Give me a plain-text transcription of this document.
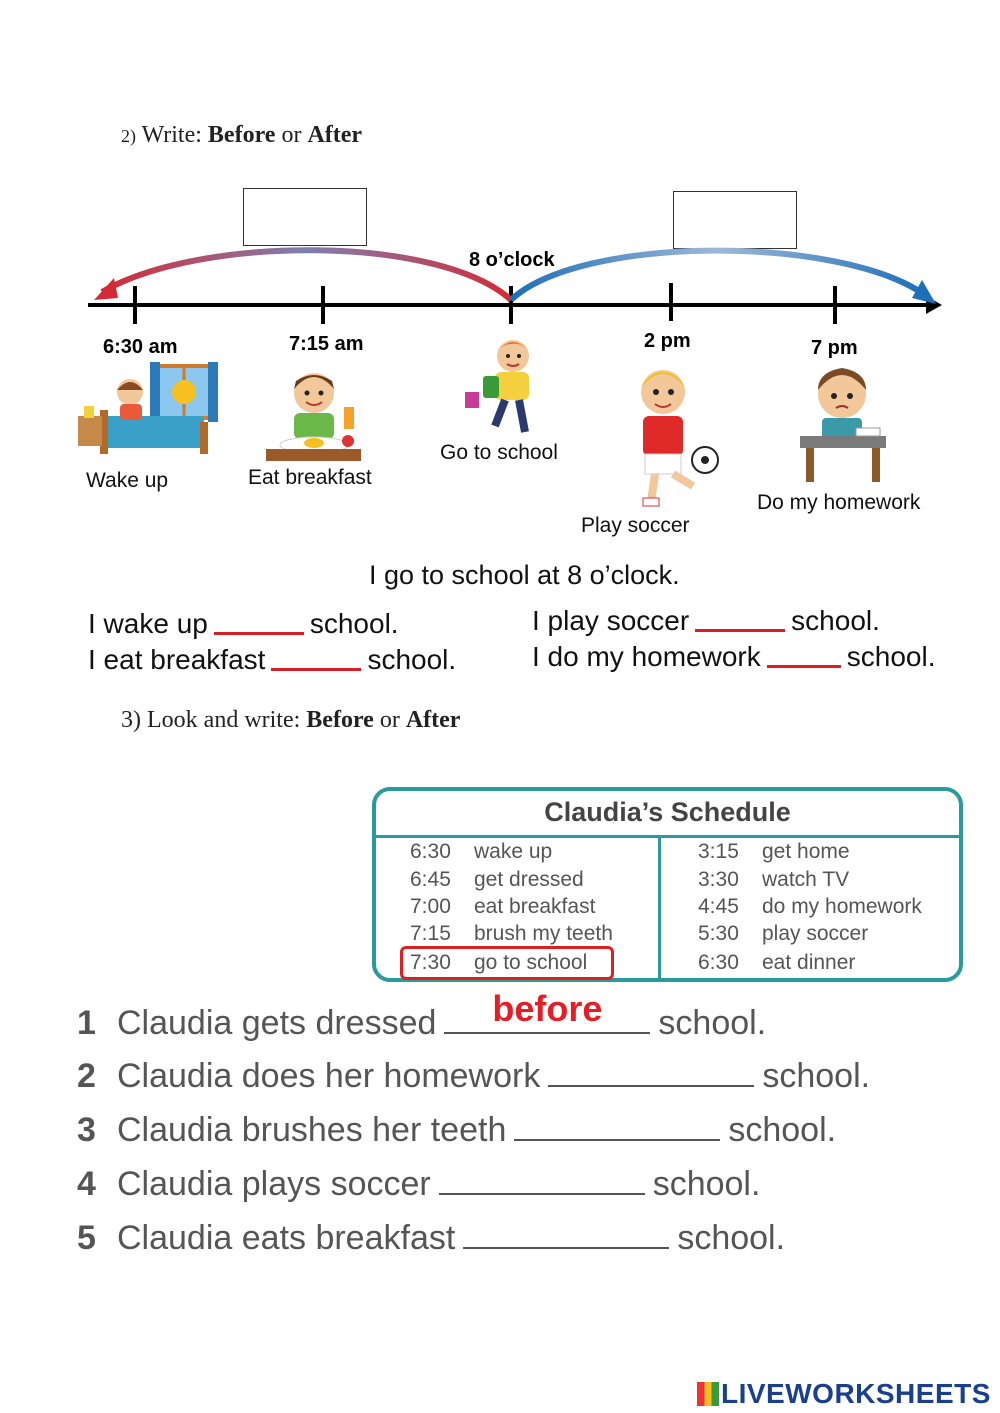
2) Write: Before or After
8 o’clock
6:30 am	7:15 am	2 pm	7 pm
Wake up	Eat breakfast
Go to school
Play soccer
Do my homework
I go to school at 8 o’clock.
I wake up	school.
I eat breakfast	school.
I play soccer	school.
I do my homework	school.
3) Look and write: Before or After
Claudia’s Schedule
6:30 wake up
6:45 get dressed
7:00 eat breakfast
7:15 brush my teeth
7:30 go to school
3:15 get home
3:30 watch TV
4:45 do my homework
5:30 play soccer
6:30 eat dinner
1 Claudia gets dressed	before	school.
2 Claudia does her homework	school.
3 Claudia brushes her teeth	school.
4 Claudia plays soccer	school.
5 Claudia eats breakfast	school.
LIVEWORKSHEETS
